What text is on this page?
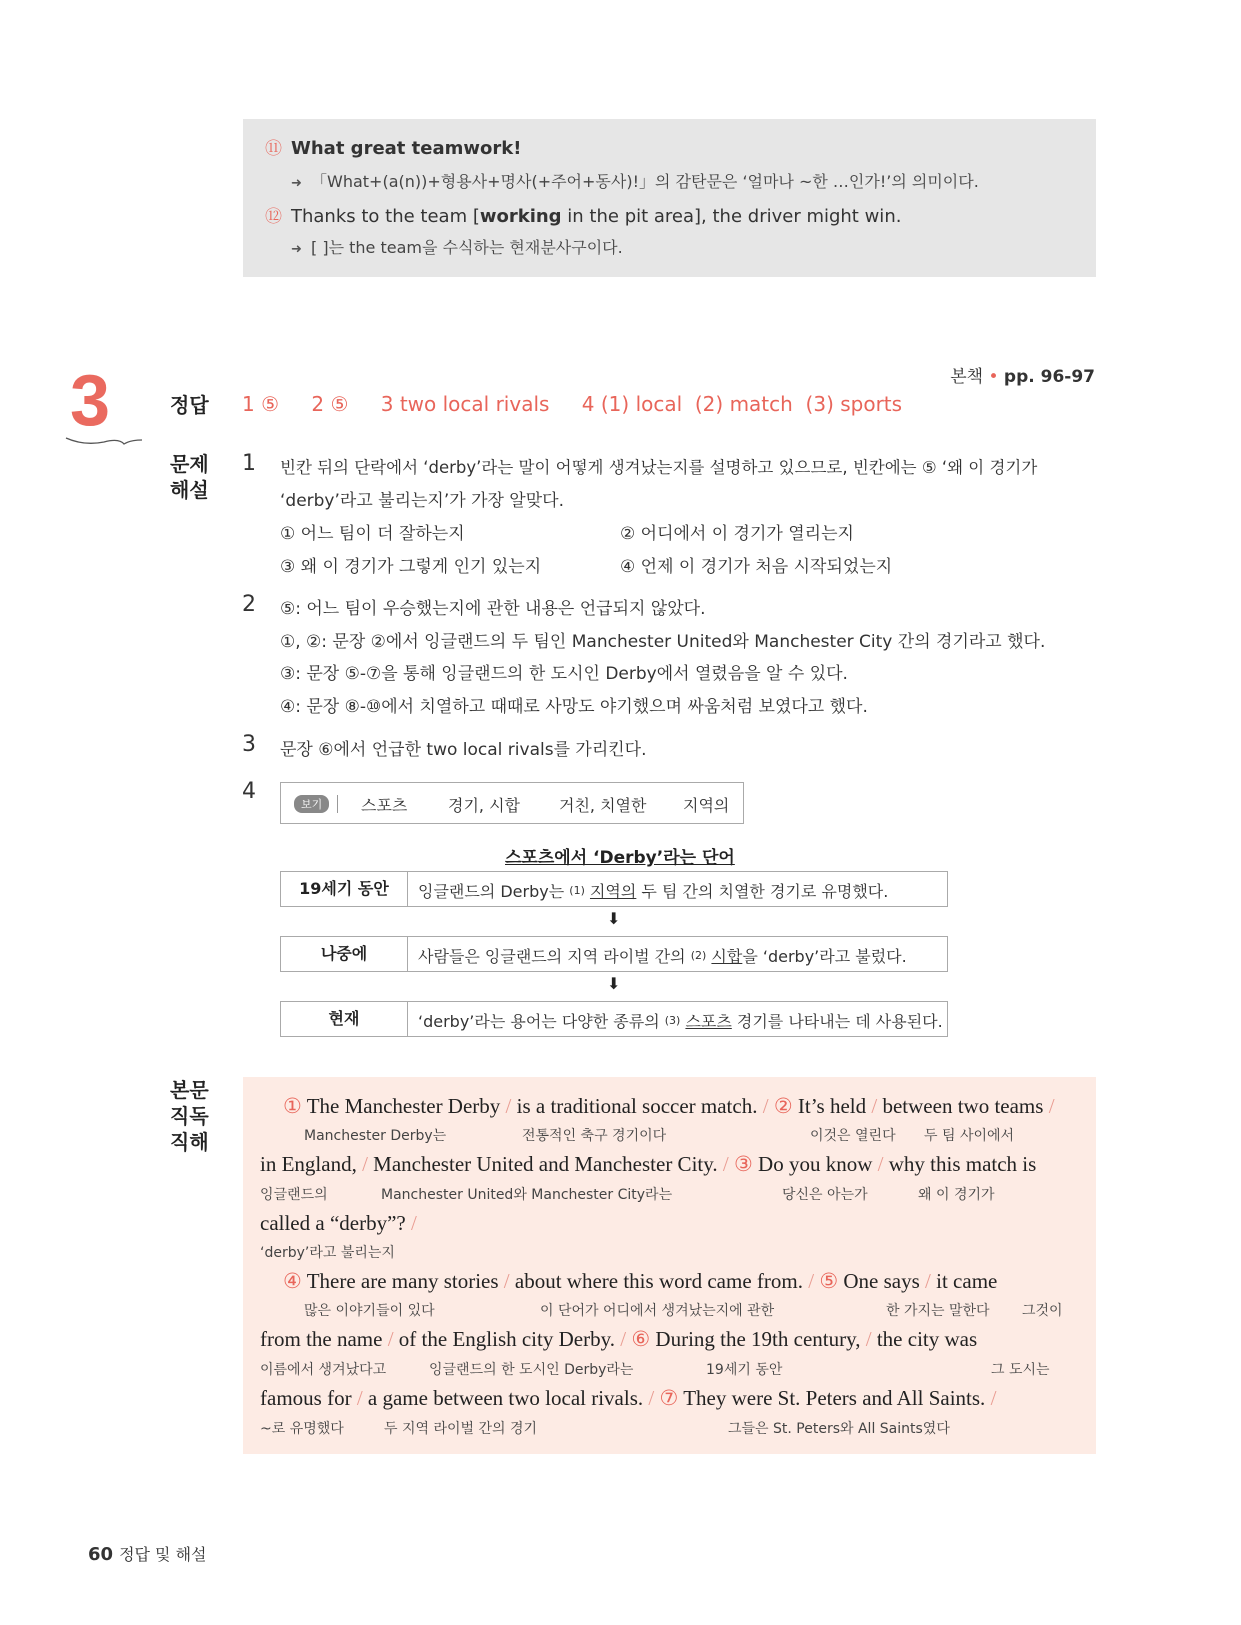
⑪ What great teamwork!
➜ 「What+(a(n))+형용사+명사(+주어+동사)!」의 감탄문은 ‘얼마나 ~한 …인가!’의 의미이다.
⑫ Thanks to the team [working in the pit area], the driver might win.
➜ [ ]는 the team을 수식하는 현재분사구이다.
본책 • pp. 96-97
3	정답 1 ⑤ 2 ⑤ 3 two local rivals 4 (1) local  (2) match  (3) sports
문제
해설
1 빈칸 뒤의 단락에서 ‘derby’라는 말이 어떻게 생겨났는지를 설명하고 있으므로, 빈칸에는 ⑤ ‘왜 이 경기가
‘derby’라고 불리는지’가 가장 알맞다.
① 어느 팀이 더 잘하는지	② 어디에서 이 경기가 열리는지
③ 왜 이 경기가 그렇게 인기 있는지	④ 언제 이 경기가 처음 시작되었는지
2 ⑤: 어느 팀이 우승했는지에 관한 내용은 언급되지 않았다.
①, ②: 문장 ②에서 잉글랜드의 두 팀인 Manchester United와 Manchester City 간의 경기라고 했다.
③: 문장 ⑤-⑦을 통해 잉글랜드의 한 도시인 Derby에서 열렸음을 알 수 있다.
④: 문장 ⑧-⑩에서 치열하고 때때로 사망도 야기했으며 싸움처럼 보였다고 했다.
3 문장 ⑥에서 언급한 two local rivals를 가리킨다.
4
보기	스포츠	경기, 시합 거친, 치열한 지역의
스포츠에서 ‘Derby’라는 단어
19세기 동안	잉글랜드의 Derby는 $^{(1)}$ 지역의 두 팀 간의 치열한 경기로 유명했다.
⬇
나중에	사람들은 잉글랜드의 지역 라이벌 간의 $^{(2)}$ 시합을 ‘derby’라고 불렀다.
⬇
현재	‘derby’라는 용어는 다양한 종류의 $^{(3)}$ 스포츠 경기를 나타내는 데 사용된다.
본문
직독
직해
① The Manchester Derby / is a traditional soccer match. / ② It’s held / between two teams /
Manchester Derby는	전통적인 축구 경기이다	이것은 열린다 두 팀 사이에서
in England, / Manchester United and Manchester City. / ③ Do you know / why this match is
잉글랜드의	Manchester United와 Manchester City라는	당신은 아는가	왜 이 경기가
called a “derby”? /
‘derby’라고 불리는지
④ There are many stories / about where this word came from. / ⑤ One says / it came
많은 이야기들이 있다	이 단어가 어디에서 생겨났는지에 관한	한 가지는 말한다 그것이
from the name / of the English city Derby. / ⑥ During the 19th century, / the city was
이름에서 생겨났다고	잉글랜드의 한 도시인 Derby라는	19세기 동안	그 도시는
famous for / a game between two local rivals. / ⑦ They were St. Peters and All Saints. /
~로 유명했다	두 지역 라이벌 간의 경기	그들은 St. Peters와 All Saints였다
60 정답 및 해설
